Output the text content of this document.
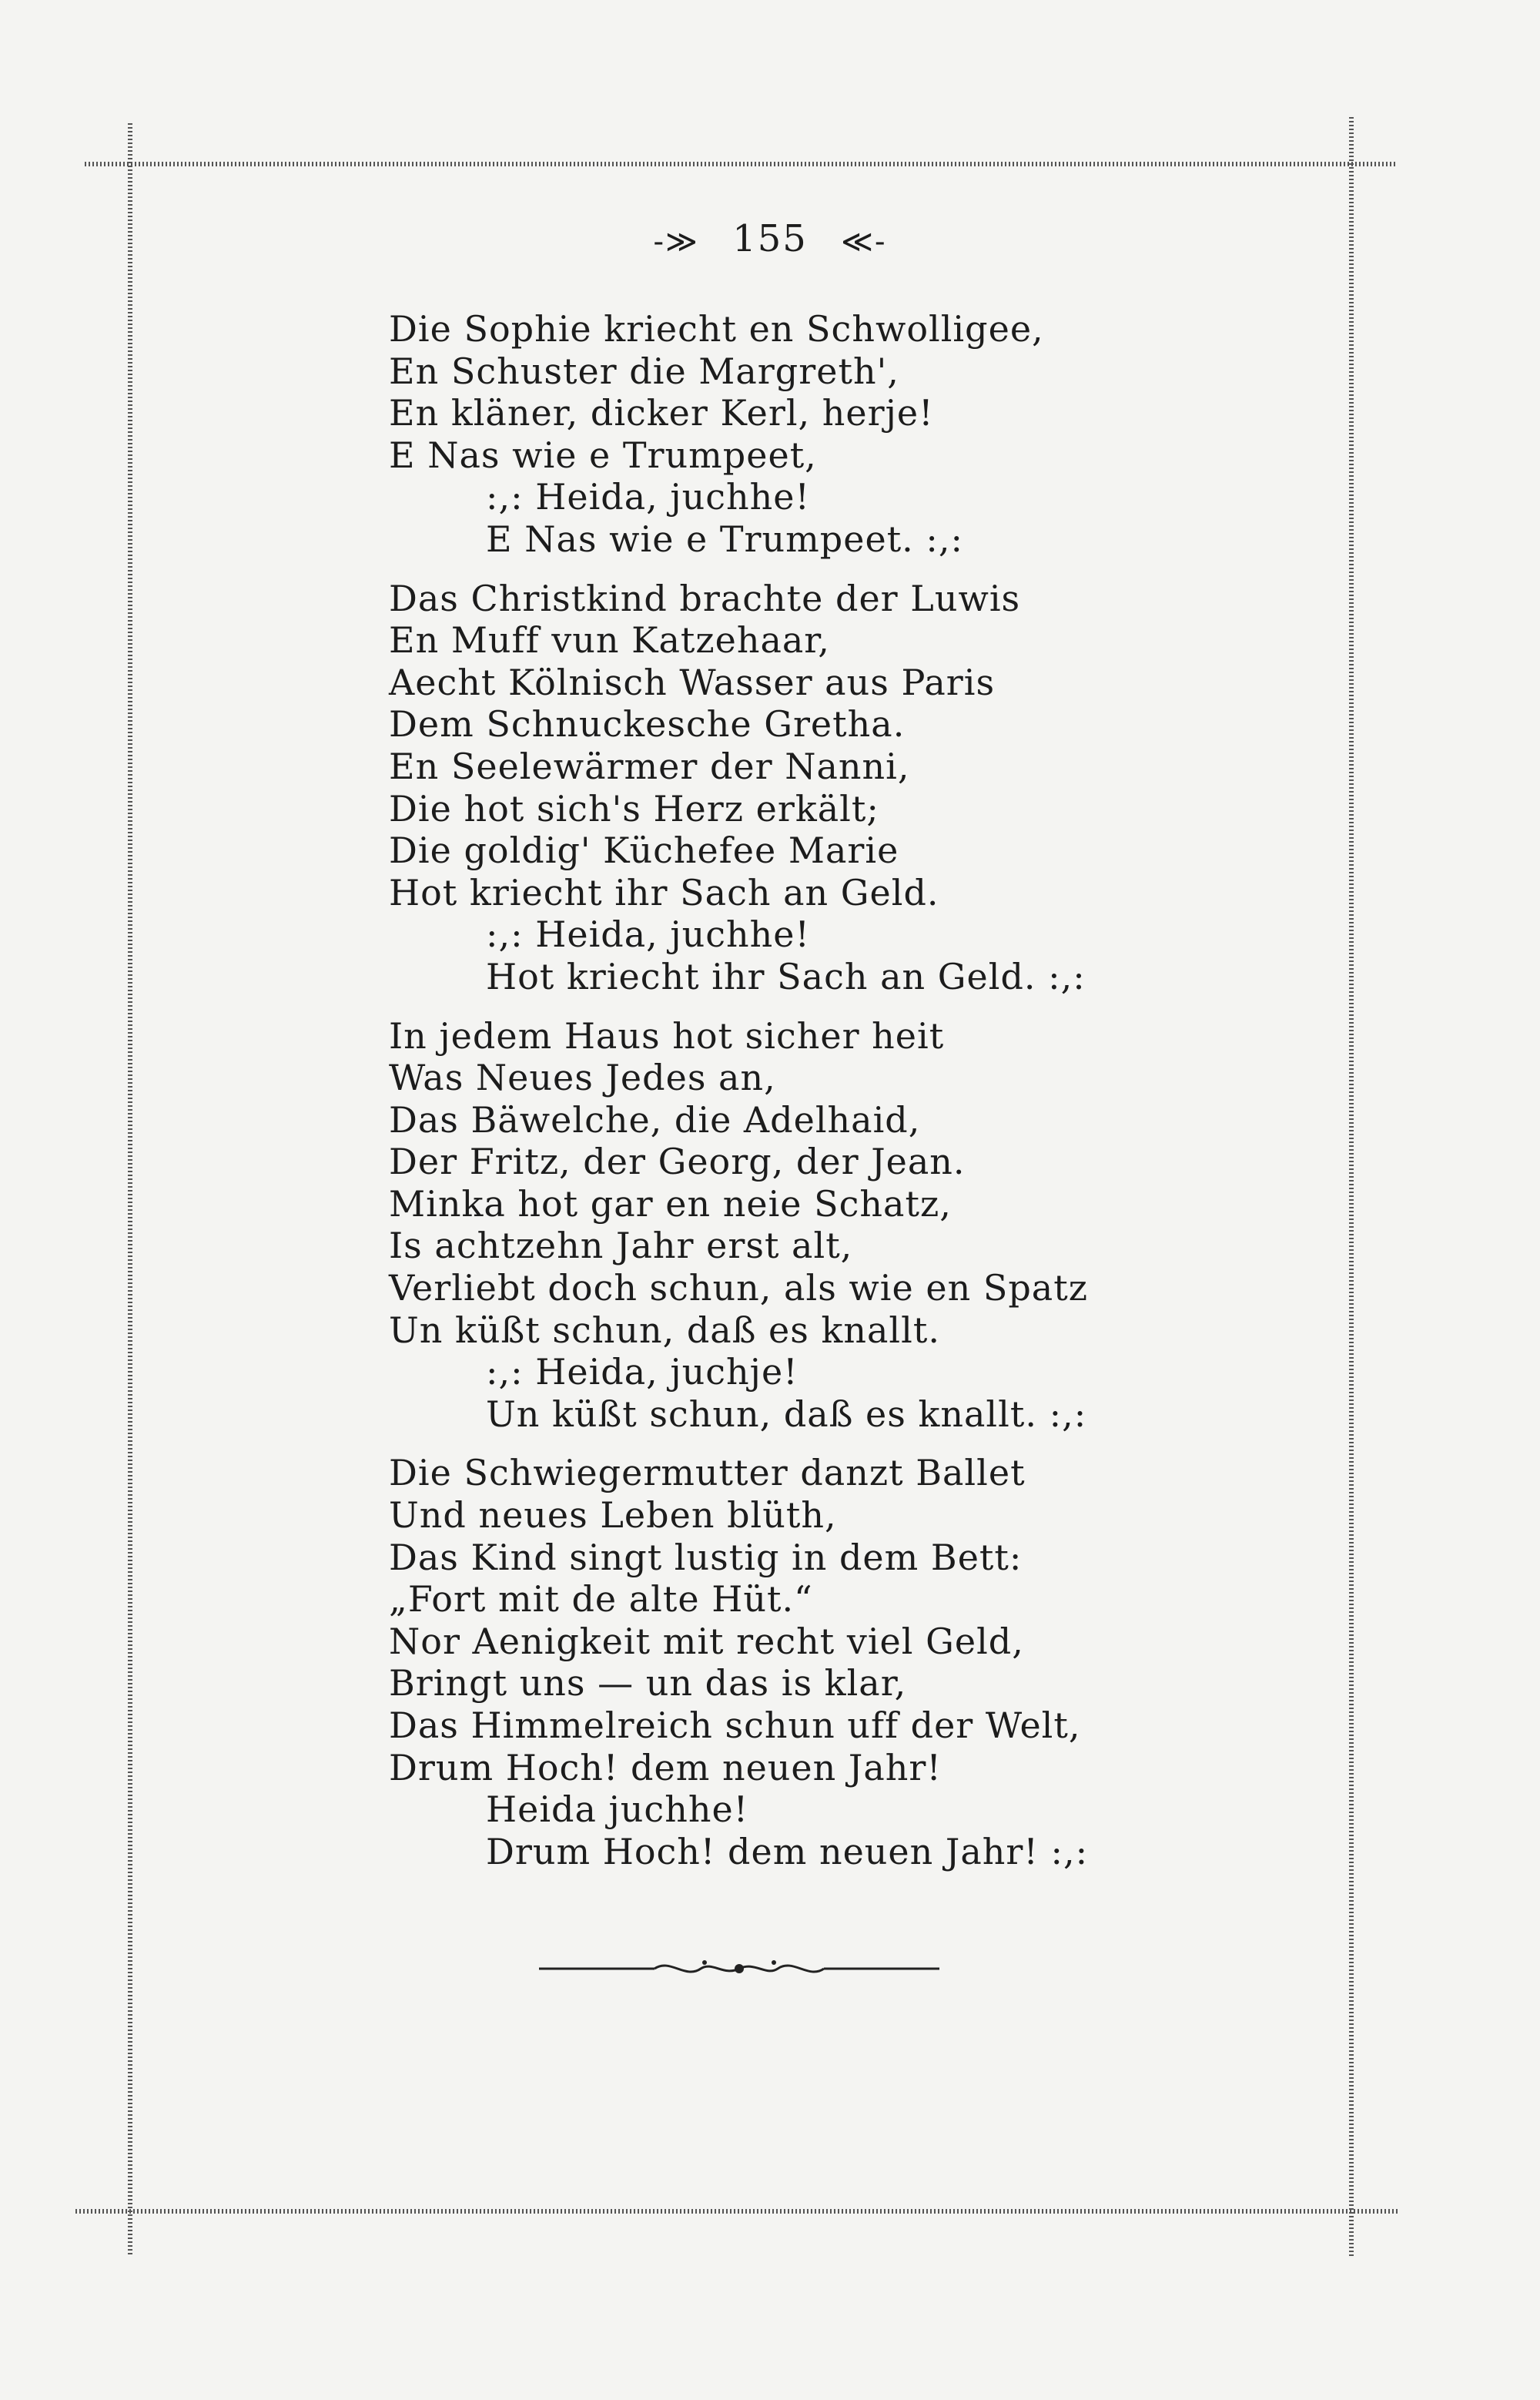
-≫ 155 ≪-
Die Sophie kriecht en Schwolligee,
En Schuster die Margreth',
En kläner, dicker Kerl, herje!
E Nas wie e Trumpeet,
:,: Heida, juchhe!
E Nas wie e Trumpeet. :,:
Das Christkind brachte der Luwis
En Muff vun Katzehaar,
Aecht Kölnisch Wasser aus Paris
Dem Schnuckesche Gretha.
En Seelewärmer der Nanni,
Die hot sich's Herz erkält;
Die goldig' Küchefee Marie
Hot kriecht ihr Sach an Geld.
:,: Heida, juchhe!
Hot kriecht ihr Sach an Geld. :,:
In jedem Haus hot sicher heit
Was Neues Jedes an,
Das Bäwelche, die Adelhaid,
Der Fritz, der Georg, der Jean.
Minka hot gar en neie Schatz,
Is achtzehn Jahr erst alt,
Verliebt doch schun, als wie en Spatz
Un küßt schun, daß es knallt.
:,: Heida, juchje!
Un küßt schun, daß es knallt. :,:
Die Schwiegermutter danzt Ballet
Und neues Leben blüth,
Das Kind singt lustig in dem Bett:
„Fort mit de alte Hüt.“
Nor Aenigkeit mit recht viel Geld,
Bringt uns — un das is klar,
Das Himmelreich schun uff der Welt,
Drum Hoch! dem neuen Jahr!
Heida juchhe!
Drum Hoch! dem neuen Jahr! :,:
